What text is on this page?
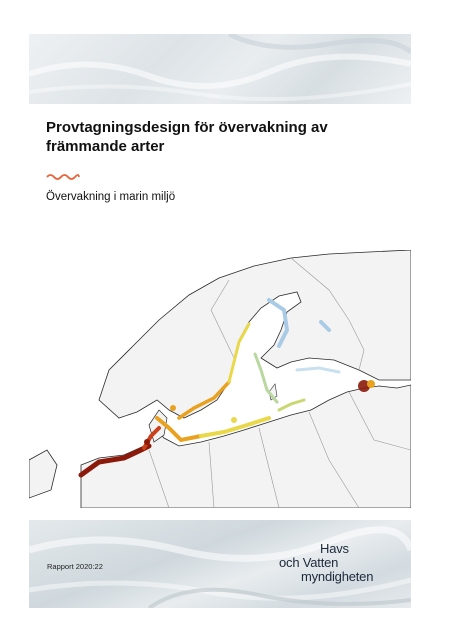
Provtagningsdesign för övervakning av
främmande arter
Övervakning i marin miljö
Rapport 2020:22
Havs
och Vatten
myndigheten
